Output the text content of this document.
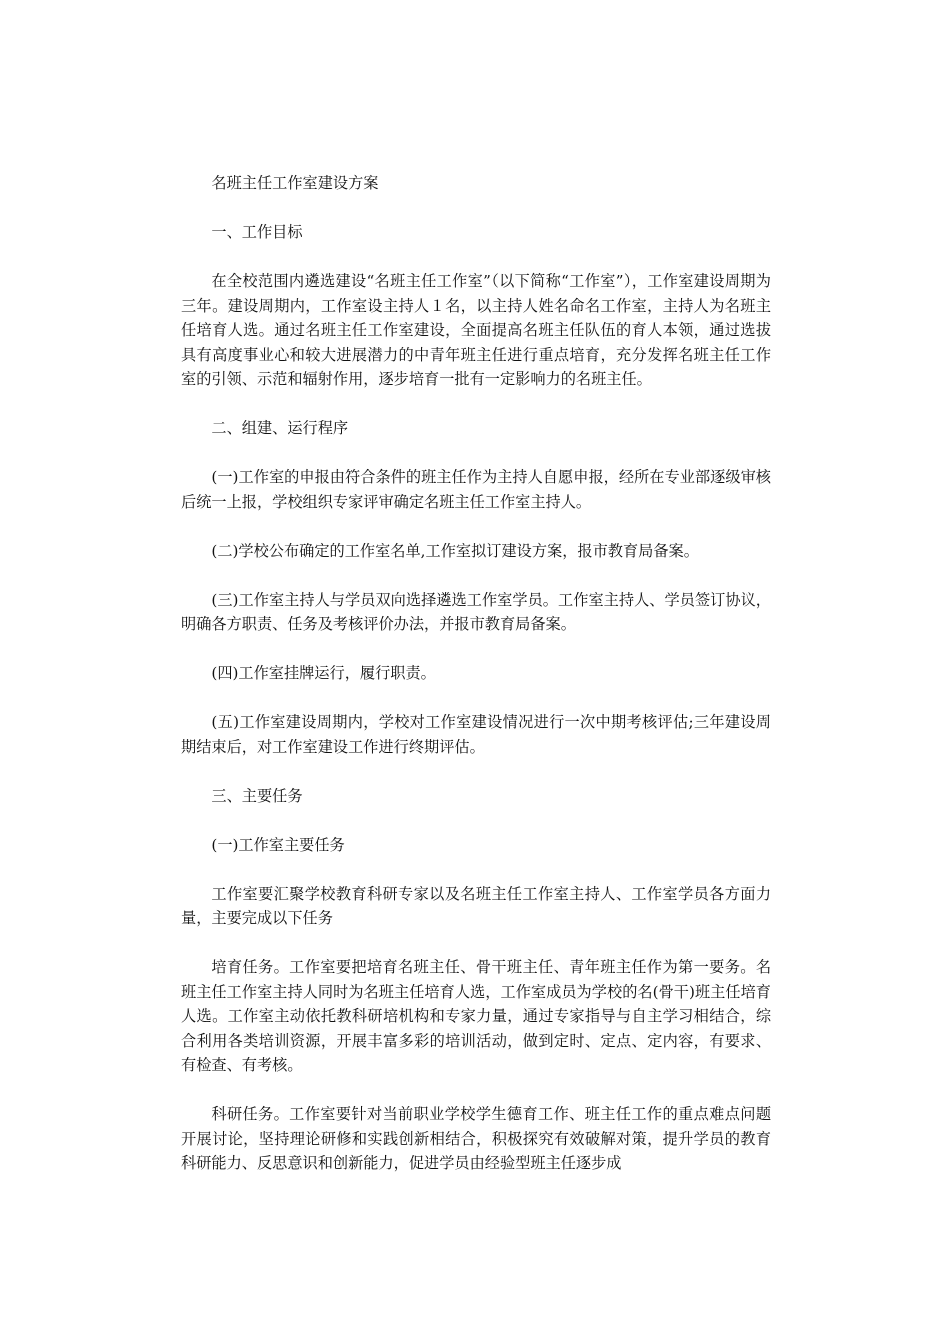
名班主任工作室建设方案

一、工作目标

在全校范围内遴选建设“名班主任工作室”（以下简称“工作室”），工作室建设周期为三年。建设周期内，工作室设主持人１名，以主持人姓名命名工作室，主持人为名班主任培育人选。通过名班主任工作室建设，全面提高名班主任队伍的育人本领，通过选拔具有高度事业心和较大进展潜力的中青年班主任进行重点培育，充分发挥名班主任工作室的引领、示范和辐射作用，逐步培育一批有一定影响力的名班主任。

二、组建、运行程序

(一)工作室的申报由符合条件的班主任作为主持人自愿申报，经所在专业部逐级审核后统一上报，学校组织专家评审确定名班主任工作室主持人。

(二)学校公布确定的工作室名单,工作室拟订建设方案，报市教育局备案。

(三)工作室主持人与学员双向选择遴选工作室学员。工作室主持人、学员签订协议，明确各方职责、任务及考核评价办法，并报市教育局备案。

(四)工作室挂牌运行，履行职责。

(五)工作室建设周期内，学校对工作室建设情况进行一次中期考核评估;三年建设周期结束后，对工作室建设工作进行终期评估。

三、主要任务

(一)工作室主要任务

工作室要汇聚学校教育科研专家以及名班主任工作室主持人、工作室学员各方面力量，主要完成以下任务

培育任务。工作室要把培育名班主任、骨干班主任、青年班主任作为第一要务。名班主任工作室主持人同时为名班主任培育人选，工作室成员为学校的名(骨干)班主任培育人选。工作室主动依托教科研培机构和专家力量，通过专家指导与自主学习相结合，综合利用各类培训资源，开展丰富多彩的培训活动，做到定时、定点、定内容，有要求、有检查、有考核。

科研任务。工作室要针对当前职业学校学生德育工作、班主任工作的重点难点问题开展讨论，坚持理论研修和实践创新相结合，积极探究有效破解对策，提升学员的教育科研能力、反思意识和创新能力，促进学员由经验型班主任逐步成
